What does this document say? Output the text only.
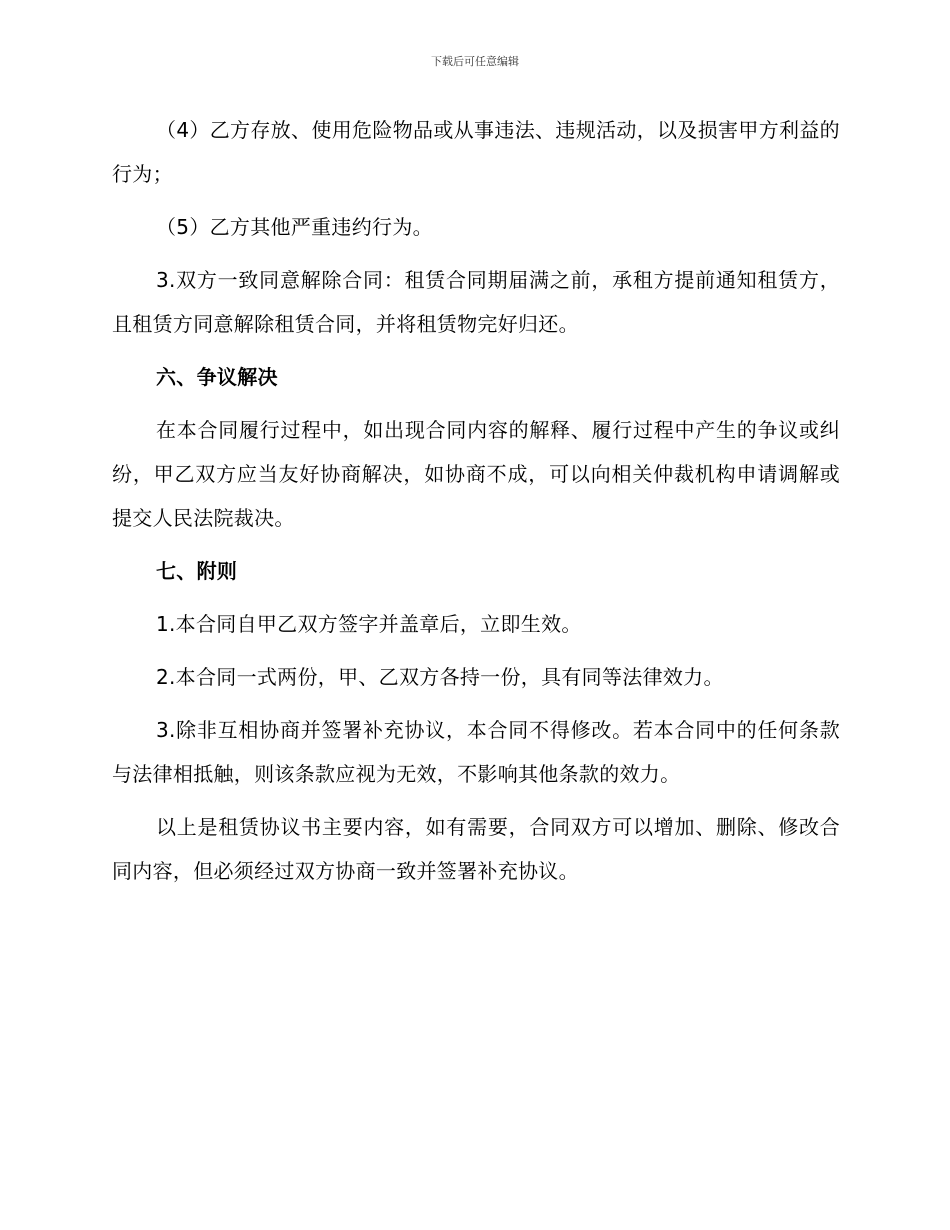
下载后可任意编辑

（4）乙方存放、使用危险物品或从事违法、违规活动，以及损害甲方利益的行为；

（5）乙方其他严重违约行为。

3.双方一致同意解除合同：租赁合同期届满之前，承租方提前通知租赁方，且租赁方同意解除租赁合同，并将租赁物完好归还。

六、争议解决

在本合同履行过程中，如出现合同内容的解释、履行过程中产生的争议或纠纷，甲乙双方应当友好协商解决，如协商不成，可以向相关仲裁机构申请调解或提交人民法院裁决。

七、附则

1.本合同自甲乙双方签字并盖章后，立即生效。

2.本合同一式两份，甲、乙双方各持一份，具有同等法律效力。

3.除非互相协商并签署补充协议，本合同不得修改。若本合同中的任何条款与法律相抵触，则该条款应视为无效，不影响其他条款的效力。

以上是租赁协议书主要内容，如有需要，合同双方可以增加、删除、修改合同内容，但必须经过双方协商一致并签署补充协议。
